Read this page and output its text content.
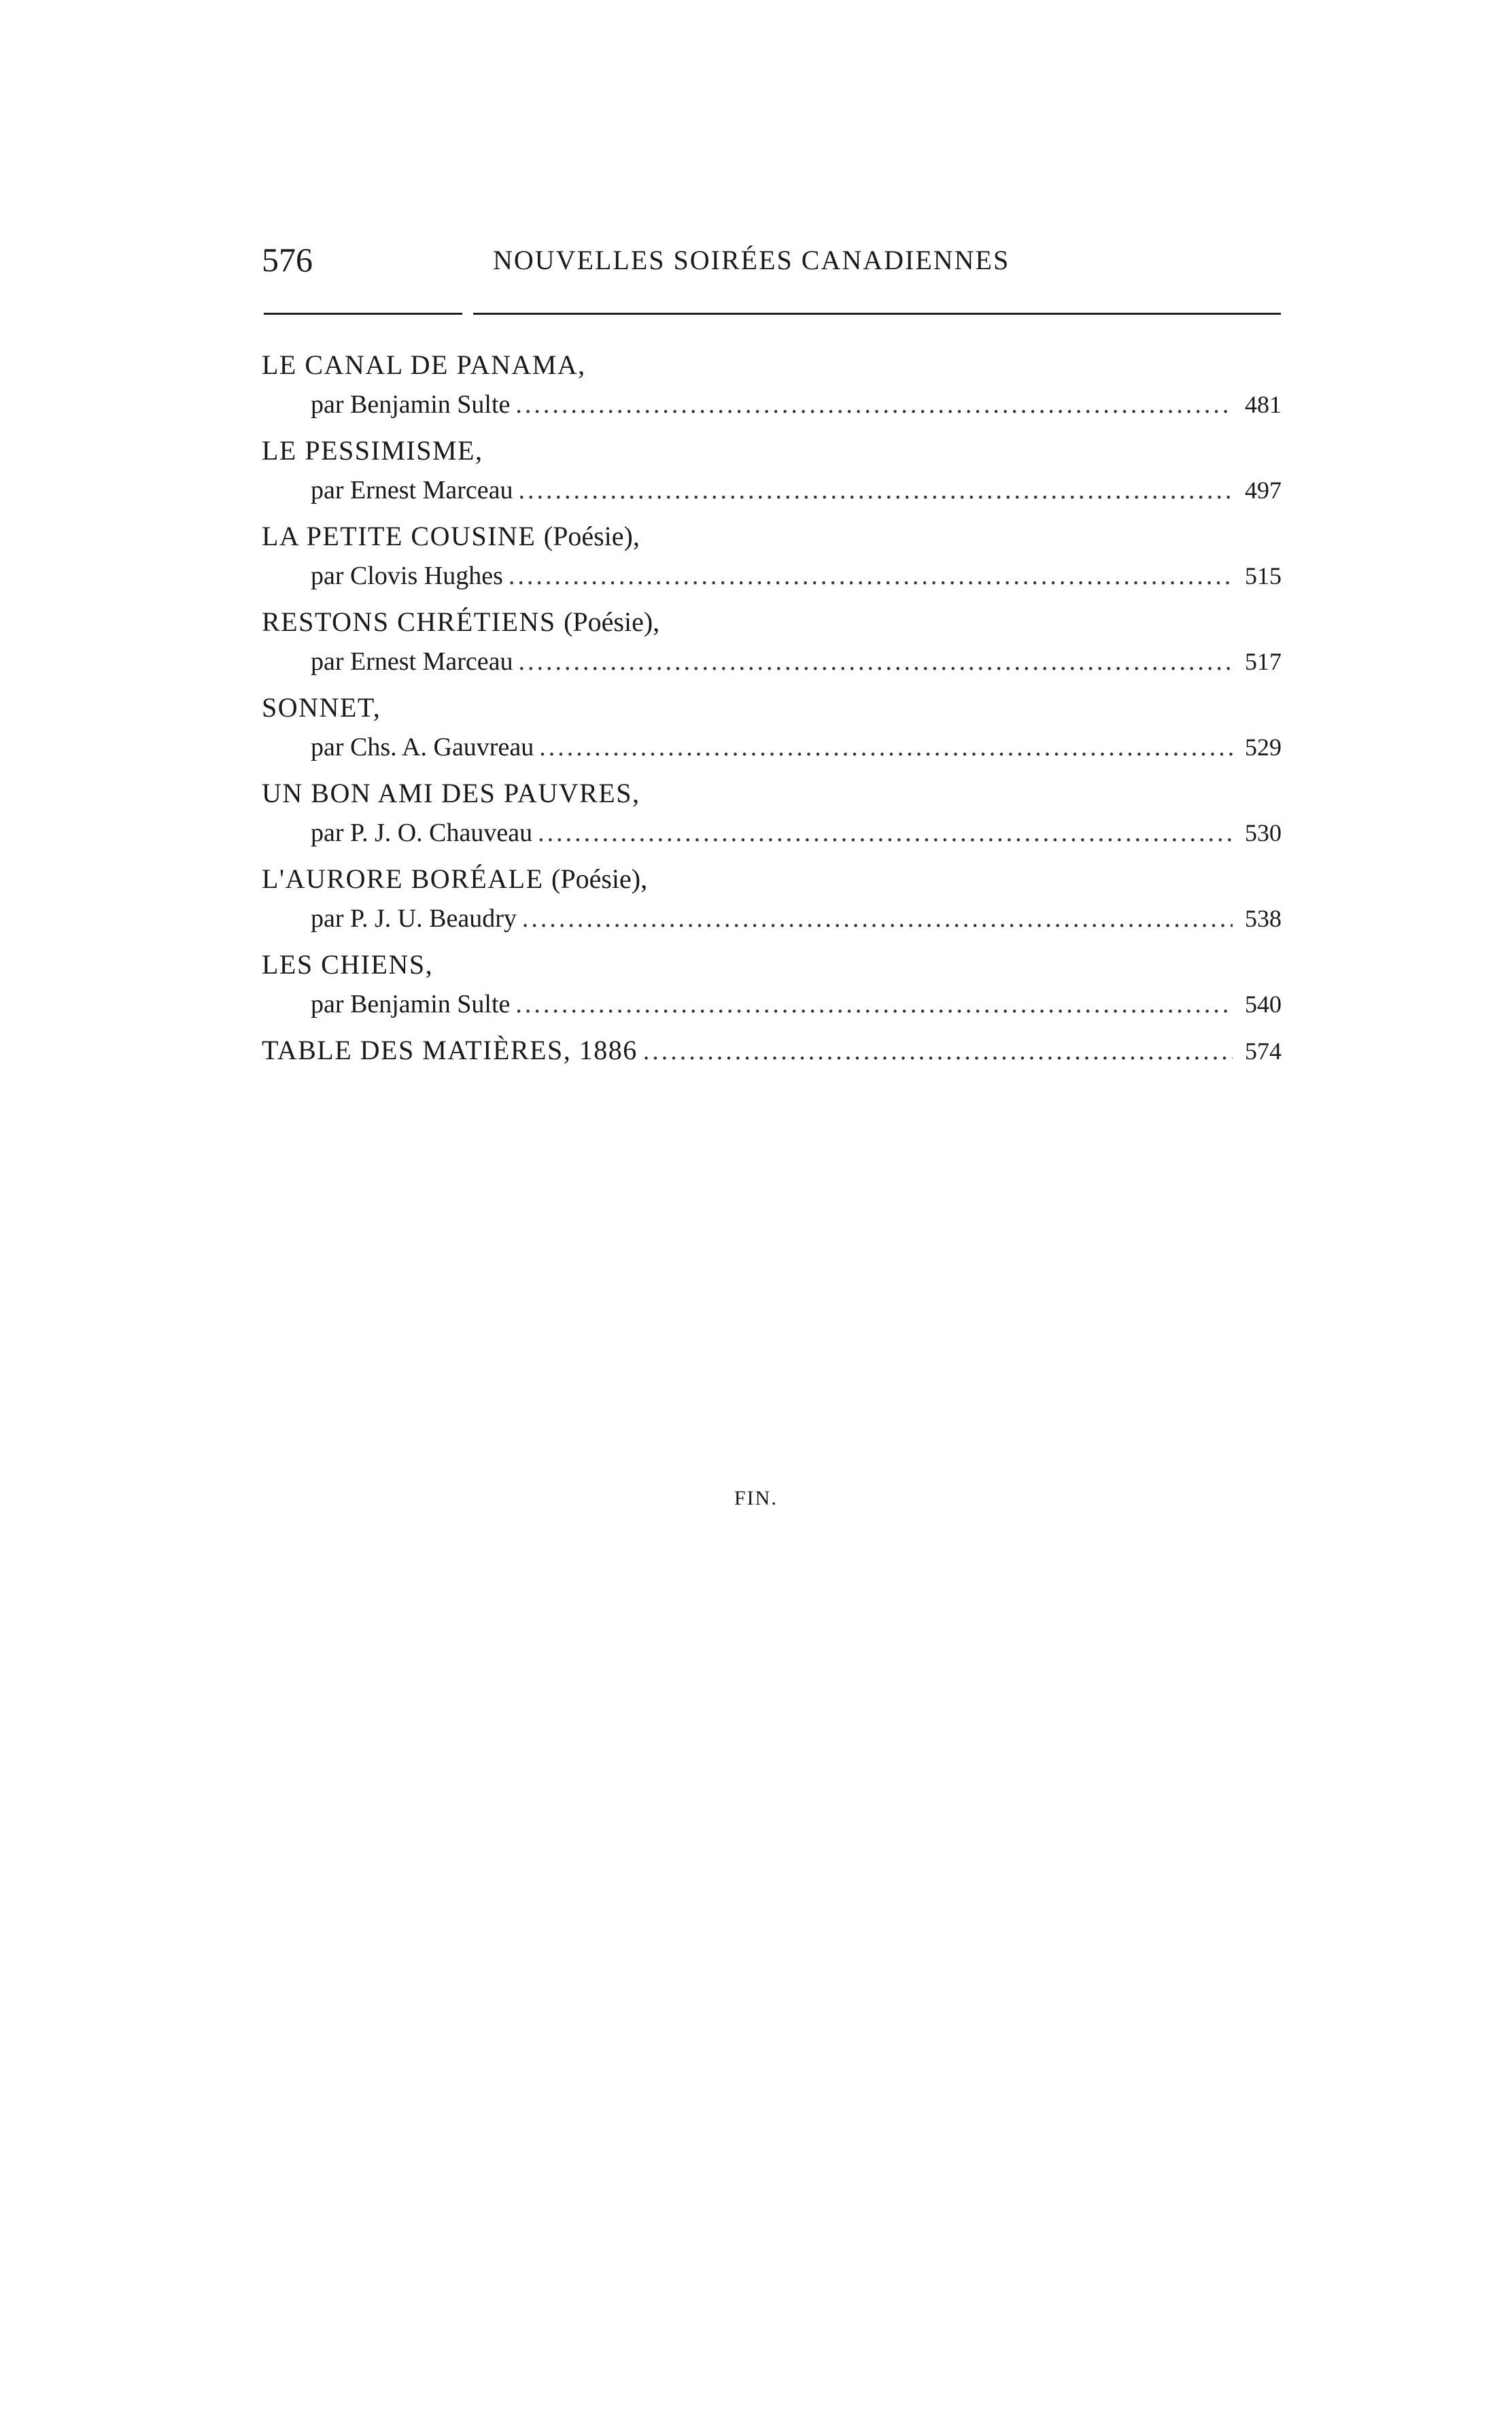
576	NOUVELLES SOIRÉES CANADIENNES
LE CANAL DE PANAMA,
par Benjamin Sulte .....	481
LE PESSIMISME,
par Ernest Marceau .....	497
LA PETITE COUSINE (Poésie),
par Clovis Hughes .....	515
RESTONS CHRÉTIENS (Poésie),
par Ernest Marceau .....	517
SONNET,
par Chs. A. Gauvreau .....	529
UN BON AMI DES PAUVRES,
par P. J. O. Chauveau .....	530
L'AURORE BORÉALE (Poésie),
par P. J. U. Beaudry .....	538
LES CHIENS,
par Benjamin Sulte .....	540
TABLE DES MATIÈRES, 1886 .....	574
FIN.
